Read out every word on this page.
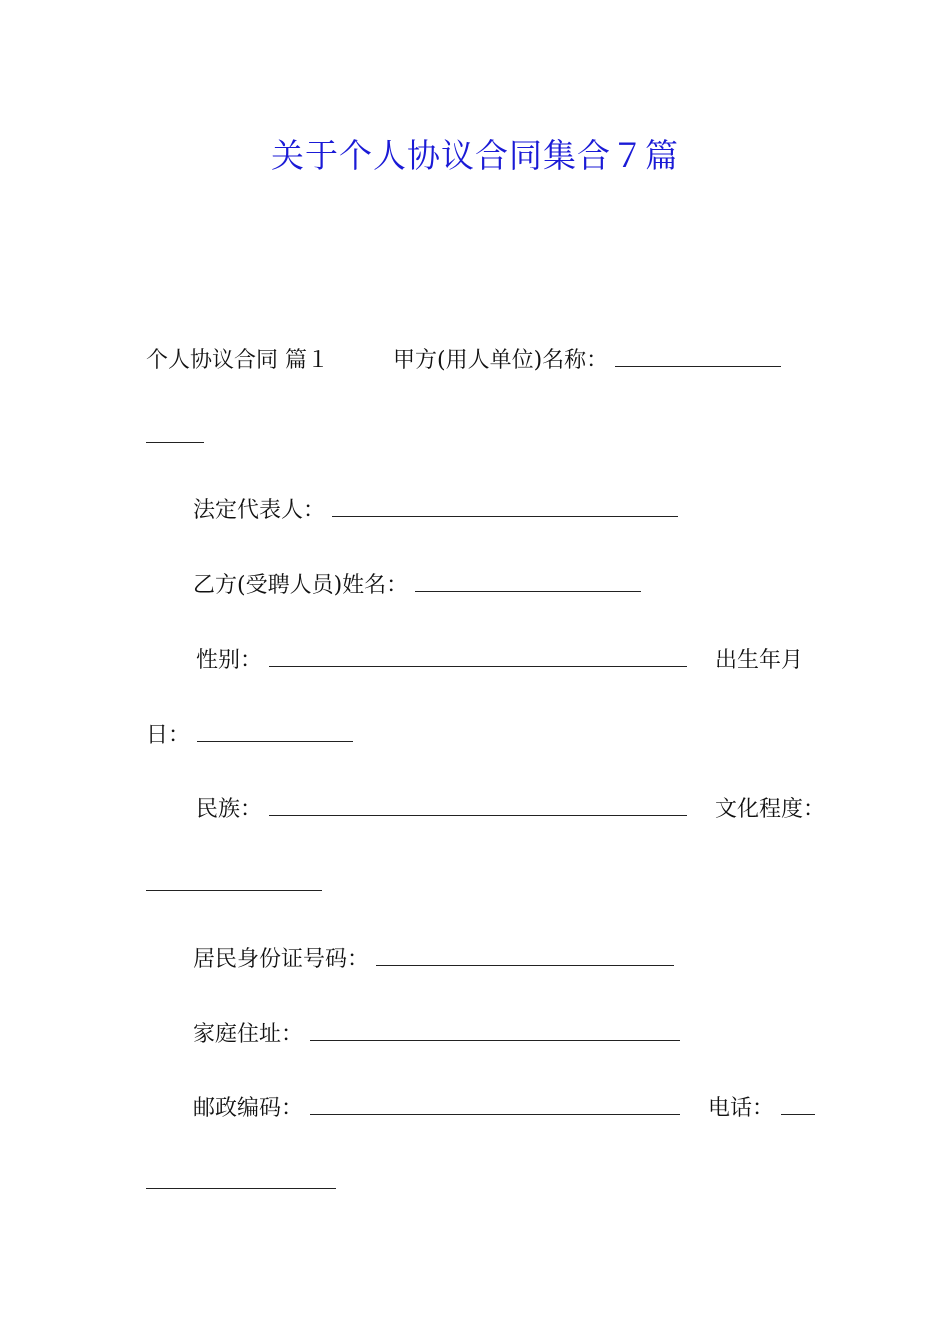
关于个人协议合同集合７篇
个人协议合同 篇１	甲方(用人单位)名称：
法定代表人：
乙方(受聘人员)姓名：
性别：	出生年月
日：
民族：	文化程度：
居民身份证号码：
家庭住址：
邮政编码：	电话：
